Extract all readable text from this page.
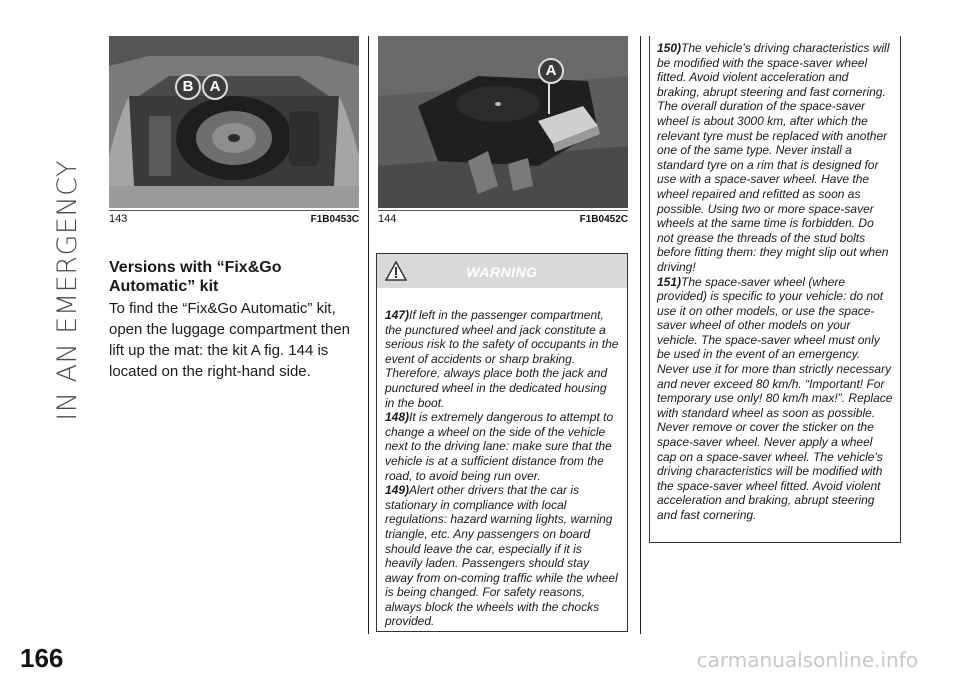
IN AN EMERGENCY
B	A
143	F1B0453C
A
144	F1B0452C
Versions with “Fix&Go Automatic” kit
To find the “Fix&Go Automatic” kit, open the luggage compartment then lift up the mat: the kit A fig. 144 is located on the right-hand side.
WARNING

147)If left in the passenger compartment, the punctured wheel and jack constitute a serious risk to the safety of occupants in the event of accidents or sharp braking. Therefore, always place both the jack and punctured wheel in the dedicated housing in the boot.

148)It is extremely dangerous to attempt to change a wheel on the side of the vehicle next to the driving lane: make sure that the vehicle is at a sufficient distance from the road, to avoid being run over.

149)Alert other drivers that the car is stationary in compliance with local regulations: hazard warning lights, warning triangle, etc. Any passengers on board should leave the car, especially if it is heavily laden. Passengers should stay away from on-coming traffic while the wheel is being changed. For safety reasons, always block the wheels with the chocks provided.

150)The vehicle's driving characteristics will be modified with the space-saver wheel fitted. Avoid violent acceleration and braking, abrupt steering and fast cornering. The overall duration of the space-saver wheel is about 3000 km, after which the relevant tyre must be replaced with another one of the same type. Never install a standard tyre on a rim that is designed for use with a space-saver wheel. Have the wheel repaired and refitted as soon as possible. Using two or more space-saver wheels at the same time is forbidden. Do not grease the threads of the stud bolts before fitting them: they might slip out when driving!

151)The space-saver wheel (where provided) is specific to your vehicle: do not use it on other models, or use the space-saver wheel of other models on your vehicle. The space-saver wheel must only be used in the event of an emergency. Never use it for more than strictly necessary and never exceed 80 km/h. “Important! For temporary use only! 80 km/h max!”. Replace with standard wheel as soon as possible. Never remove or cover the sticker on the space-saver wheel. Never apply a wheel cap on a space-saver wheel. The vehicle's driving characteristics will be modified with the space-saver wheel fitted. Avoid violent acceleration and braking, abrupt steering and fast cornering.

166	carmanualsonline.info
